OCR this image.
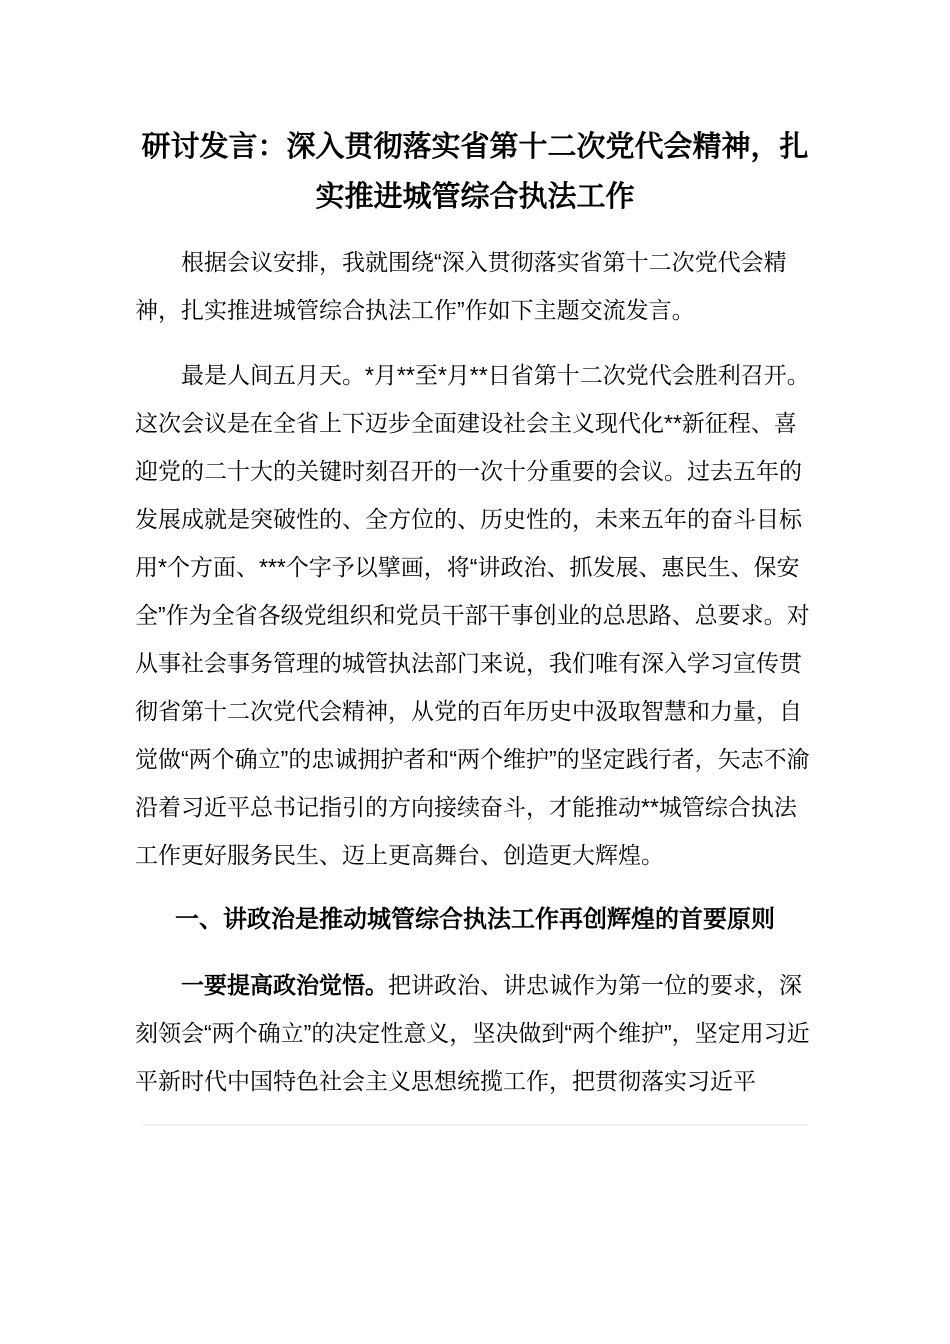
研讨发言：深入贯彻落实省第十二次党代会精神，扎实推进城管综合执法工作

根据会议安排，我就围绕“深入贯彻落实省第十二次党代会精神，扎实推进城管综合执法工作”作如下主题交流发言。

最是人间五月天。*月**至*月**日省第十二次党代会胜利召开。这次会议是在全省上下迈步全面建设社会主义现代化**新征程、喜迎党的二十大的关键时刻召开的一次十分重要的会议。过去五年的发展成就是突破性的、全方位的、历史性的，未来五年的奋斗目标用*个方面、***个字予以擘画，将“讲政治、抓发展、惠民生、保安全”作为全省各级党组织和党员干部干事创业的总思路、总要求。对从事社会事务管理的城管执法部门来说，我们唯有深入学习宣传贯彻省第十二次党代会精神，从党的百年历史中汲取智慧和力量，自觉做“两个确立”的忠诚拥护者和“两个维护”的坚定践行者，矢志不渝沿着习近平总书记指引的方向接续奋斗，才能推动**城管综合执法工作更好服务民生、迈上更高舞台、创造更大辉煌。

一、讲政治是推动城管综合执法工作再创辉煌的首要原则

一要提高政治觉悟。把讲政治、讲忠诚作为第一位的要求，深刻领会“两个确立”的决定性意义，坚决做到“两个维护”，坚定用习近平新时代中国特色社会主义思想统揽工作，把贯彻落实习近平
